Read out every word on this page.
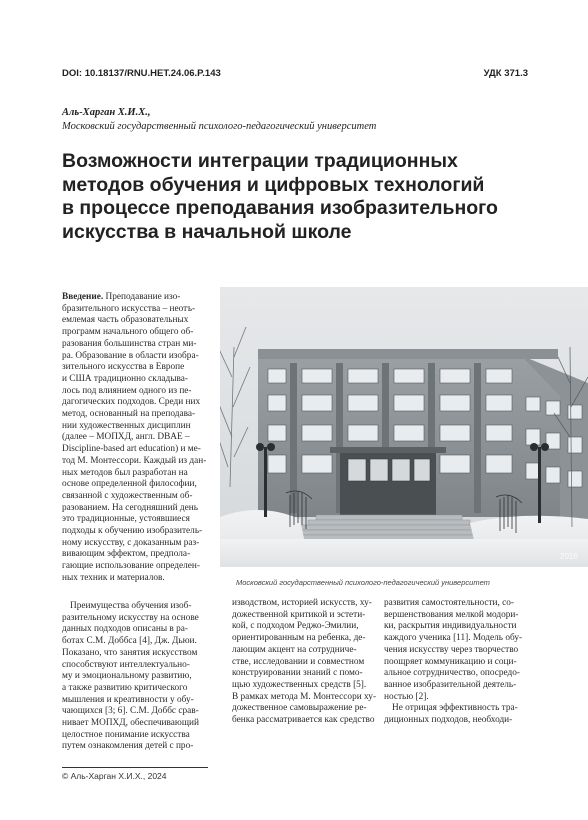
DOI: 10.18137/RNU.HET.24.06.P.143	УДК 371.3
Аль-Харган Х.И.Х.,
Московский государственный психолого-педагогический университет
Возможности интеграции традиционных
методов обучения и цифровых технологий
в процессе преподавания изобразительного
искусства в начальной школе
Введение. Преподавание изо-
бразительного искусства – неотъ-
емлемая часть образовательных
программ начального общего об-
разования большинства стран ми-
ра. Образование в области изобра-
зительного искусства в Европе
и США традиционно складыва-
лось под влиянием одного из пе-
дагогических подходов. Среди них
метод, основанный на преподава-
нии художественных дисциплин
(далее – МОПХД, англ. DBAE –
Discipline-based art education) и ме-
тод М. Монтессори. Каждый из дан-
ных методов был разработан на
основе определенной философии,
связанной с художественным об-
разованием. На сегодняшний день
это традиционные, устоявшиеся
подходы к обучению изобразитель-
ному искусству, с доказанным раз-
вивающим эффектом, предпола-
гающие использование определен-
ных техник и материалов.
Преимущества обучения изоб-
разительному искусству на основе
данных подходов описаны в ра-
ботах С.М. Доббса [4], Дж. Дьюи.
Показано, что занятия искусством
способствуют интеллектуально-
му и эмоциональному развитию,
а также развитию критического
мышления и креативности у обу-
чающихся [3; 6]. С.М. Доббс срав-
нивает МОПХД, обеспечивающий
целостное понимание искусства
путем ознакомления детей с про-
изводством, историей искусств, ху-
дожественной критикой и эстети-
кой, с подходом Реджо-Эмилии,
ориентированным на ребенка, де-
лающим акцент на сотрудниче-
стве, исследовании и совместном
конструировании знаний с помо-
щью художественных средств [5].
В рамках метода М. Монтессори ху-
дожественное самовыражение ре-
бенка рассматривается как средство
развития самостоятельности, со-
вершенствования мелкой модори-
ки, раскрытия индивидуальности
каждого ученика [11]. Модель обу-
чения искусству через творчество
поощряет коммуникацию и соци-
альное сотрудничество, опосредо-
ванное изобразительной деятель-
ностью [2].
Не отрицая эффективность тра-
диционных подходов, необходи-
2016
Московский государственный психолого-педагогический университет
© Аль-Харган Х.И.Х., 2024
